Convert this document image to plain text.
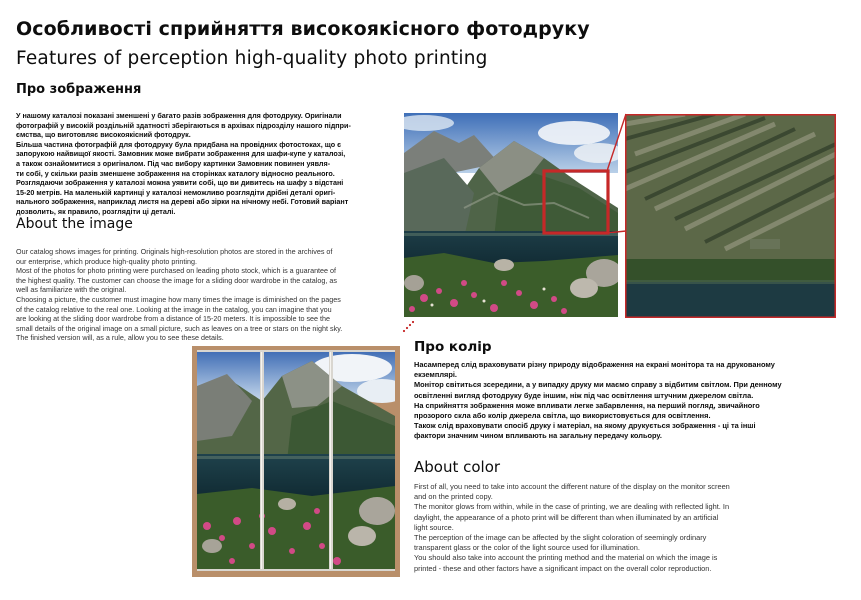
Особливості сприйняття високоякісного фотодруку
Features of perception high-quality photo printing
Про зображення

У нашому каталозі показані зменшені у багато разів зображення для фотодруку. Оригінали

фотографій у високій роздільній здатності зберігаються в архівах підрозділу нашого підпри-

ємства, що виготовляє високоякісний фотодрук.

Більша частина фотографій для фотодруку була придбана на провідних фотостоках, що є

запорукою найвищої якості. Замовник може вибрати зображення для шафи-купе у каталозі,

а також ознайомитися з оригіналом. Під час вибору картинки Замовник повинен уявля-

ти собі, у скільки разів зменшене зображення на сторінках каталогу відносно реального.

Розглядаючи зображення у каталозі можна уявити собі, що ви дивитесь на шафу з відстані

15-20 метрів. На маленькій картинці у каталозі неможливо розглядіти дрібні деталі оригі-

нального зображення, наприклад листя на дереві або зірки на нічному небі. Готовий варіант

дозволить, як правило, розглядіти ці деталі.

About the image

Our catalog shows images for printing. Originals high-resolution photos are stored in the archives of

our enterprise, which produce high-quality photo printing.

Most of the photos for photo printing were purchased on leading photo stock, which is a guarantee of

the highest quality. The customer can choose the image for a sliding door wardrobe in the catalog, as

well as familiarize with the original.

Choosing a picture, the customer must imagine how many times the image is diminished on the pages

of the catalog relative to the real one. Looking at the image in the catalog, you can imagine that you

are looking at the sliding door wardrobe from a distance of 15-20 meters. It is impossible to see the

small details of the original image on a small picture, such as leaves on a tree or stars on the night sky.

The finished version will, as a rule, allow you to see these details.

Про колір

Насамперед слід враховувати різну природу відображення на екрані монітора та на друкованому

екземплярі.

Монітор світиться зсередини, а у випадку друку ми маємо справу з відбитим світлом. При денному

освітленні вигляд фотодруку буде іншим, ніж під час освітлення штучним джерелом світла.

На сприйняття зображення може впливати легке забарвлення, на перший погляд, звичайного

прозорого скла або колір джерела світла, що використовується для освітлення.

Також слід враховувати спосіб друку і матеріал, на якому друкується зображення - ці та інші

фактори значним чином впливають на загальну передачу кольору.

About color

First of all, you need to take into account the different nature of the display on the monitor screen

and on the printed copy.

The monitor glows from within, while in the case of printing, we are dealing with reflected light. In

daylight, the appearance of a photo print will be different than when illuminated by an artificial

light source.

The perception of the image can be affected by the slight coloration of seemingly ordinary

transparent glass or the color of the light source used for illumination.

You should also take into account the printing method and the material on which the image is

printed - these and other factors have a significant impact on the overall color reproduction.
